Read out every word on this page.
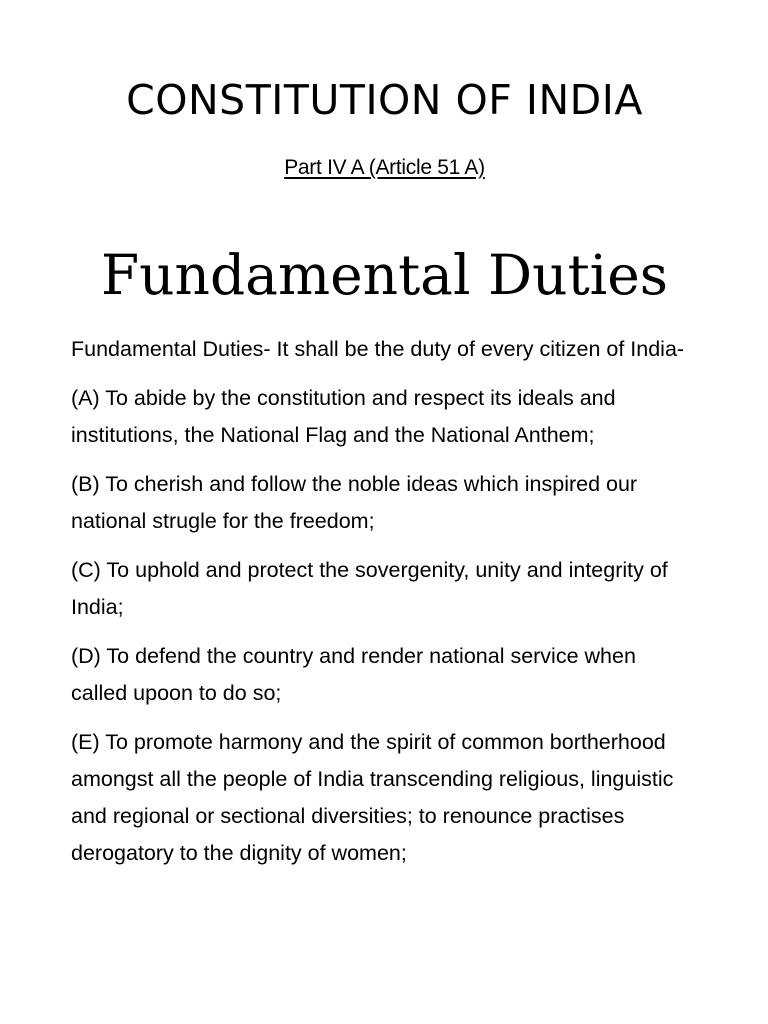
CONSTITUTION OF INDIA

Part IV A (Article 51 A)

Fundamental Duties

Fundamental Duties- It shall be the duty of every citizen of India-

(A) To abide by the constitution and respect its ideals and institutions, the National Flag and the National Anthem;

(B) To cherish and follow the noble ideas which inspired our national strugle for the freedom;

(C) To uphold and protect the sovergenity, unity and integrity of India;

(D) To defend the country and render national service when called upoon to do so;

(E) To promote harmony and the spirit of common bortherhood amongst all the people of India transcending religious, linguistic and regional or sectional diversities; to renounce practises derogatory to the dignity of women;
